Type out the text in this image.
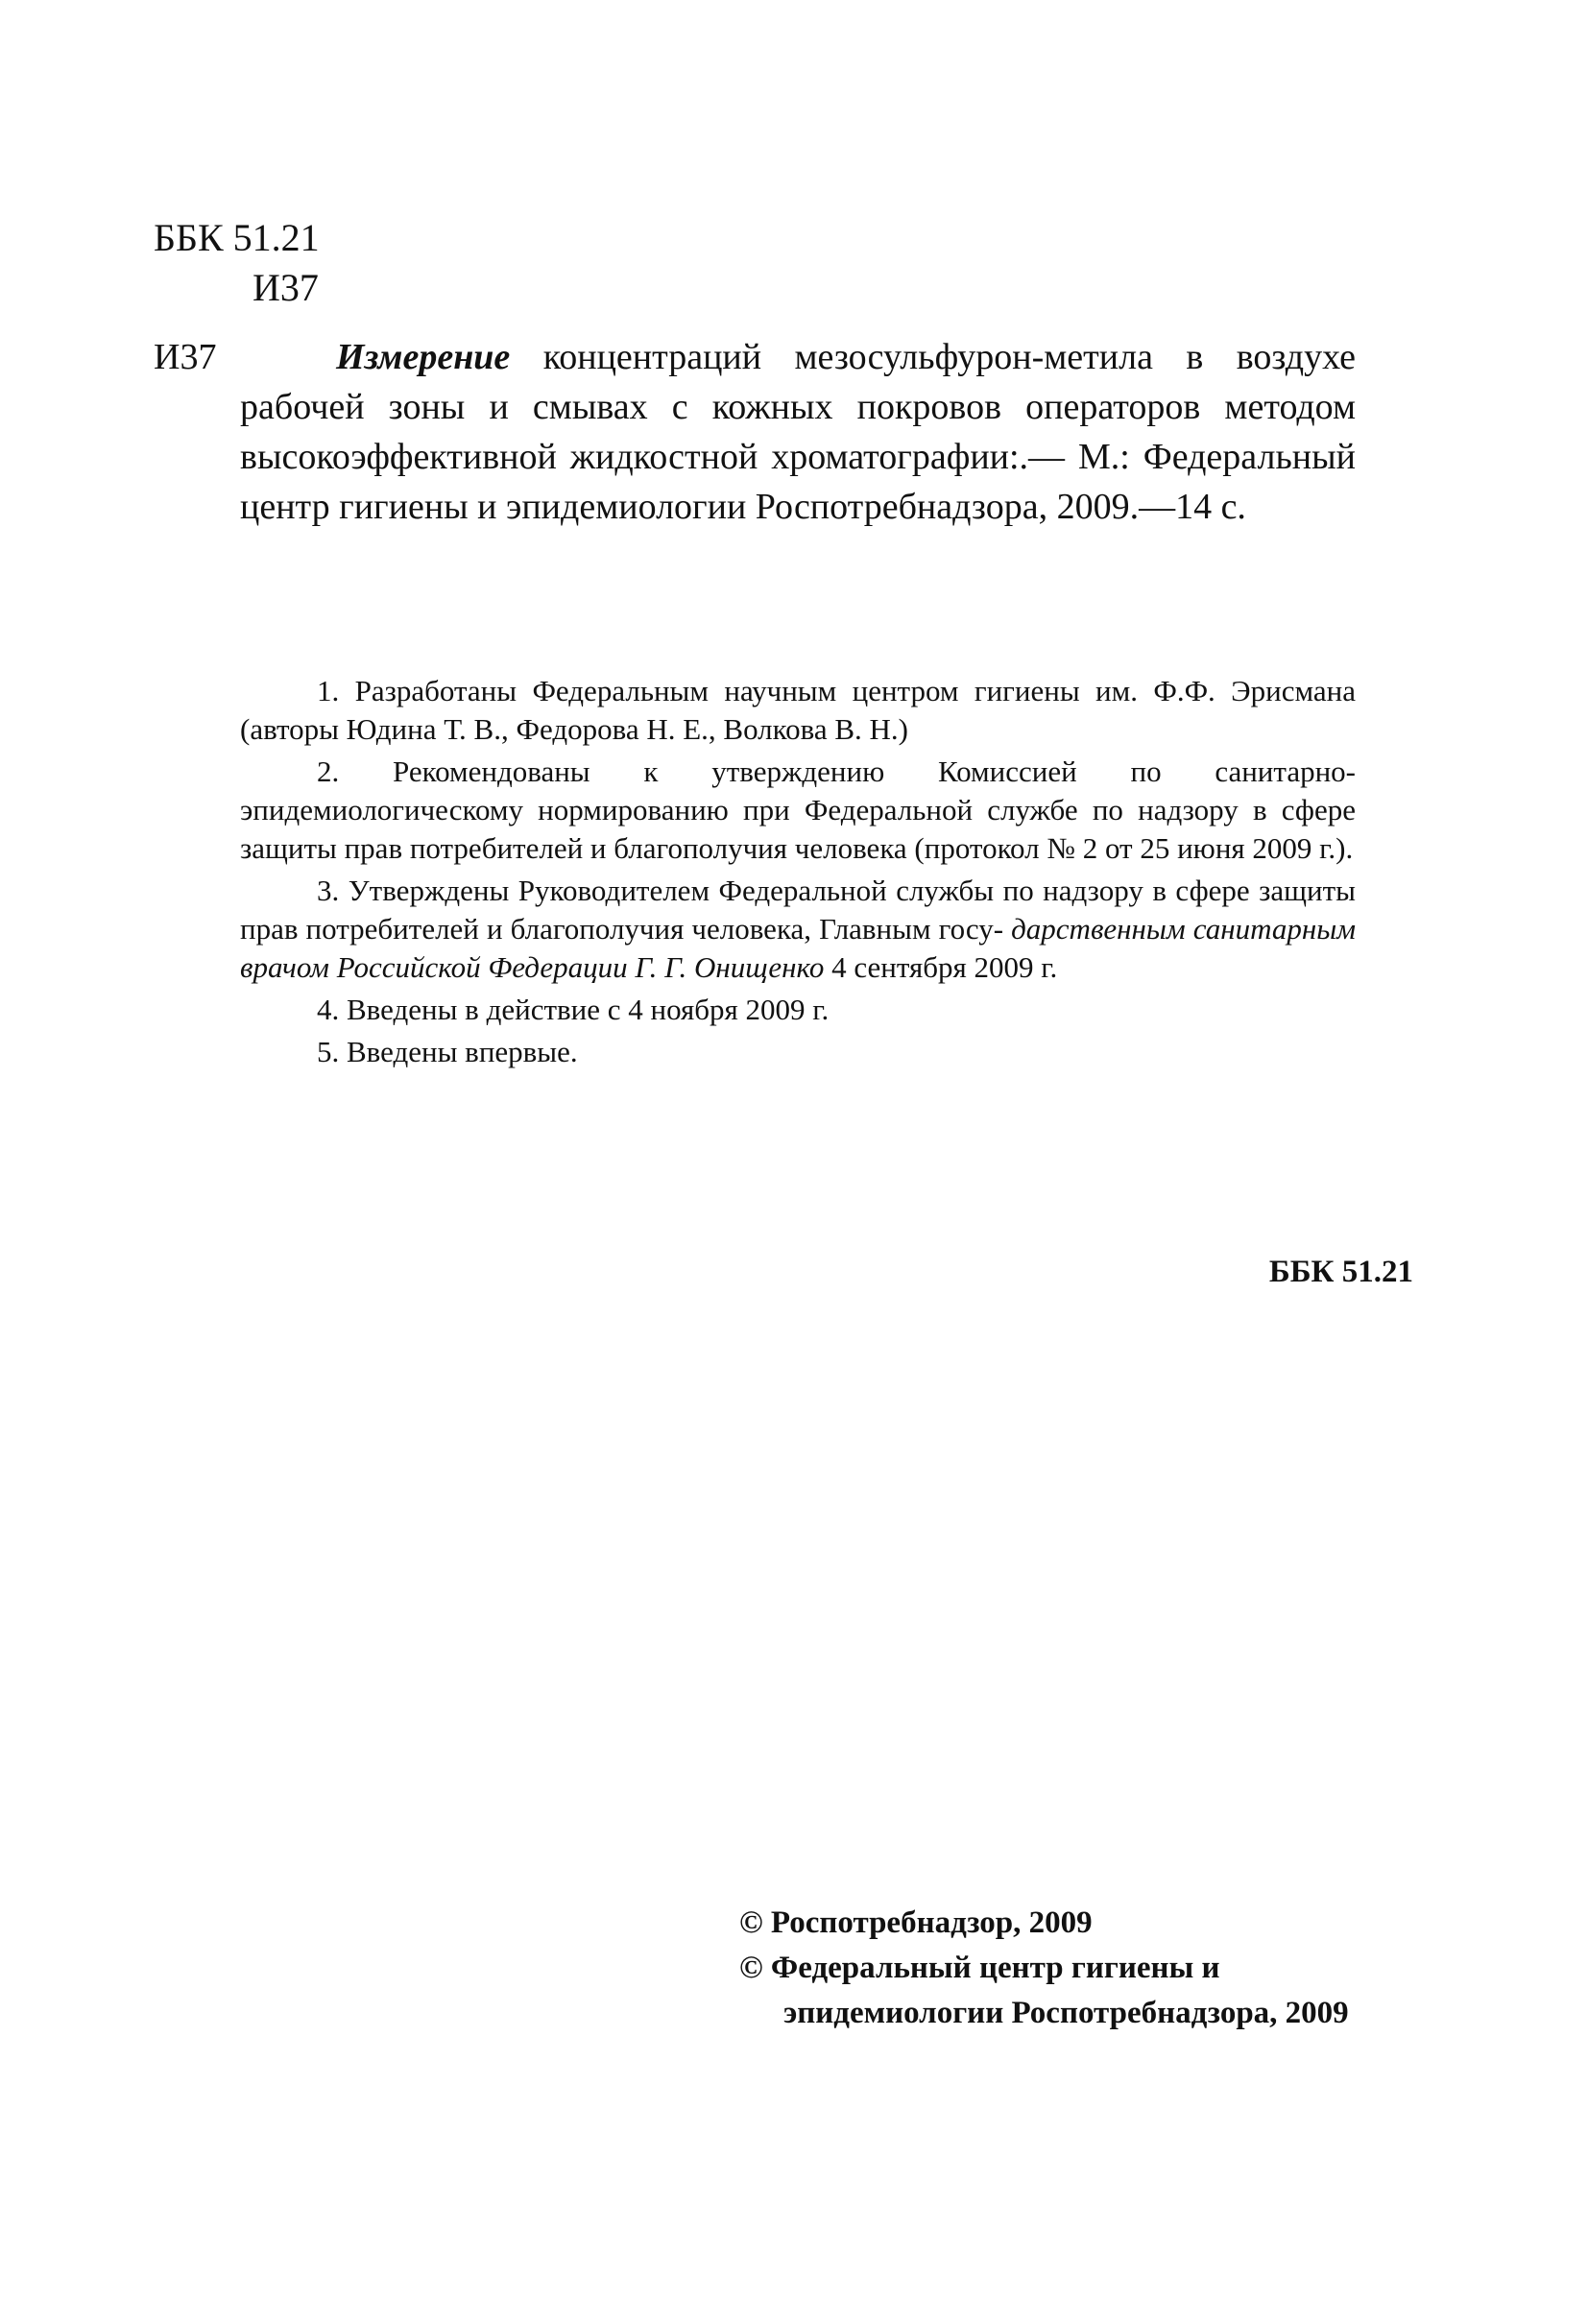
ББК 51.21
И37
И37	Измерение концентраций мезосульфурон-метила в воздухе рабочей зоны и смывах с кожных покровов операторов методом высокоэффективной жидкостной хроматографии:.— М.: Федеральный центр гигиены и эпидемиологии Роспотребнадзора, 2009.—14 с.

1. Разработаны Федеральным научным центром гигиены им. Ф.Ф. Эрисмана (авторы Юдина Т. В., Федорова Н. Е., Волкова В. Н.)

2. Рекомендованы к утверждению Комиссией по санитарно-эпидемиологическому нормированию при Федеральной службе по надзору в сфере защиты прав потребителей и благополучия человека (протокол № 2 от 25 июня 2009 г.).

3. Утверждены Руководителем Федеральной службы по надзору в сфере защиты прав потребителей и благополучия человека, Главным госу- дарственным санитарным врачом Российской Федерации Г. Г. Онищенко 4 сентября 2009 г.

4. Введены в действие с 4 ноября 2009 г.

5. Введены впервые.

ББК 51.21
© Роспотребнадзор, 2009
© Федеральный центр гигиены и
эпидемиологии Роспотребнадзора, 2009
